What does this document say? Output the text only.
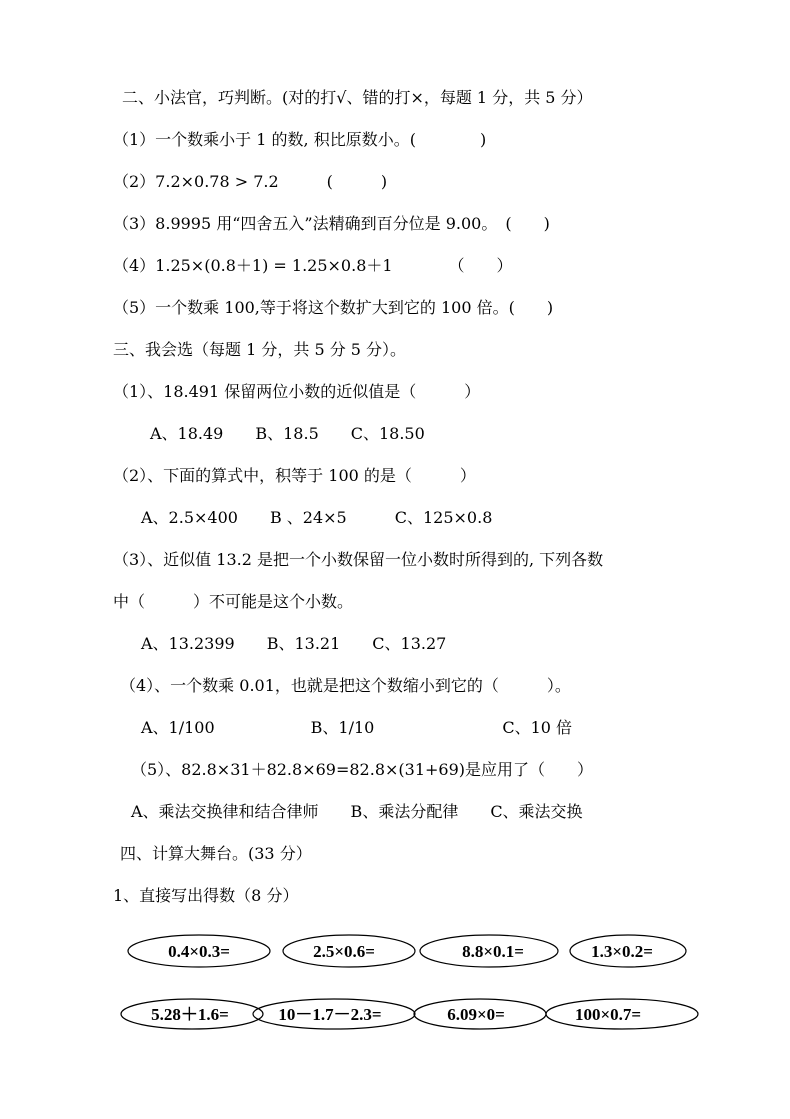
二、小法官，巧判断。(对的打√、错的打×，每题 1 分，共 5 分）
（1）一个数乘小于 1 的数, 积比原数小。(　　　　)
（2）7.2×0.78 > 7.2　　　(　　　)
（3）8.9995 用“四舍五入”法精确到百分位是 9.00。　(　　)
（4）1.25×(0.8＋1) = 1.25×0.8＋1　　　　（　　）
（5）一个数乘 100,等于将这个数扩大到它的 100 倍。(　　)
三、我会选（每题 1 分，共 5 分 5 分）。
（1）、18.491 保留两位小数的近似值是（　　　）
A、18.49　　B、18.5　　C、18.50
（2）、下面的算式中，积等于 100 的是（　　　）
A、2.5×400　　B 、24×5　　　C、125×0.8
（3）、近似值 13.2 是把一个小数保留一位小数时所得到的, 下列各数
中（　　　）不可能是这个小数。
A、13.2399　　B、13.21　　C、13.27
（4）、一个数乘 0.01，也就是把这个数缩小到它的（　　　）。
A、1/100　　　　　　B、1/10　　　　　　　　C、10 倍
（5）、82.8×31＋82.8×69=82.8×(31+69)是应用了（　　）
A、乘法交换律和结合律师　　B、乘法分配律　　C、乘法交换
四、计算大舞台。(33 分）
1、直接写出得数（8 分）
0.4×0.3=	2.5×0.6=	8.8×0.1=	1.3×0.2=
5.28＋1.6=	10－1.7－2.3=	6.09×0=	100×0.7=
